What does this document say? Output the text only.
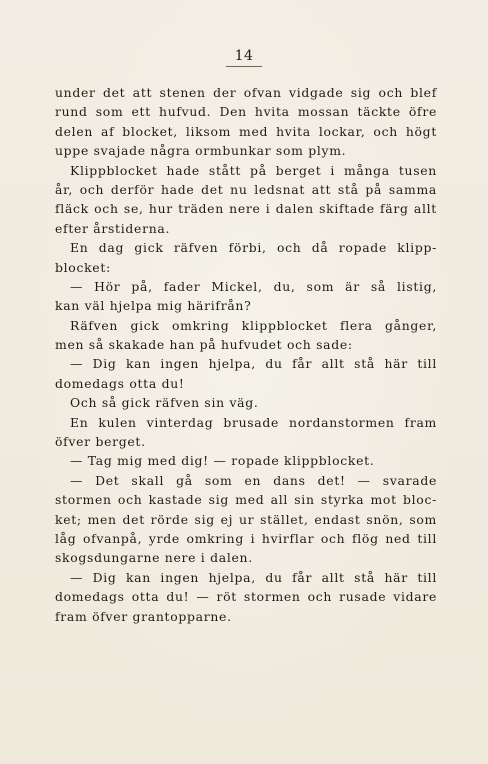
14
under det att stenen der ofvan vidgade sig och blef
rund som ett hufvud. Den hvita mossan täckte öfre
delen af blocket, liksom med hvita lockar, och högt
uppe svajade några ormbunkar som plym.
Klippblocket hade stått på berget i många tusen
år, och derför hade det nu ledsnat att stå på samma
fläck och se, hur träden nere i dalen skiftade färg allt
efter årstiderna.
En dag gick räfven förbi, och då ropade klipp-
blocket:
— Hör på, fader Mickel, du, som är så listig,
kan väl hjelpa mig härifrån?
Räfven gick omkring klippblocket flera gånger,
men så skakade han på hufvudet och sade:
— Dig kan ingen hjelpa, du får allt stå här till
domedags otta du!
Och så gick räfven sin väg.
En kulen vinterdag brusade nordanstormen fram
öfver berget.
— Tag mig med dig! — ropade klippblocket.
— Det skall gå som en dans det! — svarade
stormen och kastade sig med all sin styrka mot bloc-
ket; men det rörde sig ej ur stället, endast snön, som
låg ofvanpå, yrde omkring i hvirflar och flög ned till
skogsdungarne nere i dalen.
— Dig kan ingen hjelpa, du får allt stå här till
domedags otta du! — röt stormen och rusade vidare
fram öfver grantopparne.
